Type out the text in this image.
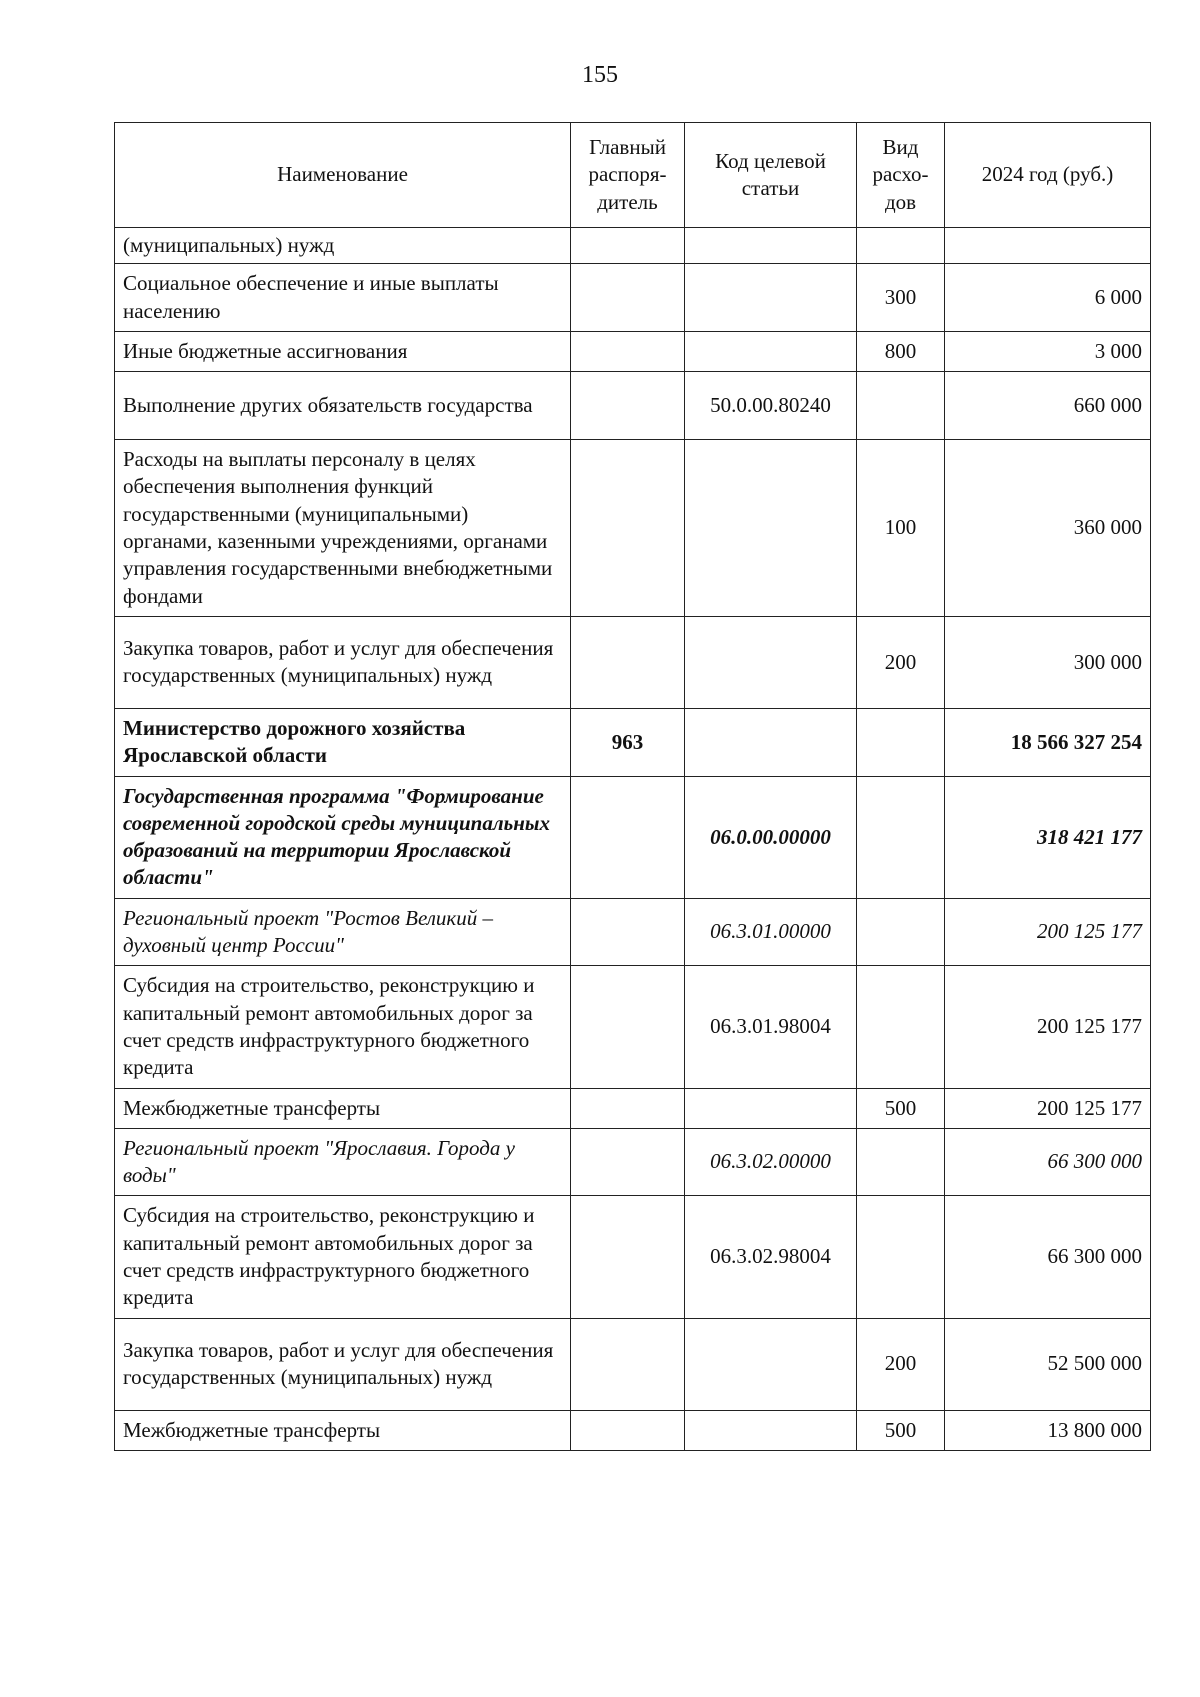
155
Наименование	Главный распоря-дитель	Код целевой статьи	Вид расхо-дов	2024 год (руб.)
(муниципальных) нужд				
Социальное обеспечение и иные выплаты населению			300	6 000
Иные бюджетные ассигнования			800	3 000
Выполнение других обязательств государства		50.0.00.80240		660 000
Расходы на выплаты персоналу в целях обеспечения выполнения функций государственными (муниципальными) органами, казенными учреждениями, органами управления государственными внебюджетными фондами			100	360 000
Закупка товаров, работ и услуг для обеспечения государственных (муниципальных) нужд			200	300 000
Министерство дорожного хозяйства Ярославской области	963			18 566 327 254
Государственная программа "Формирование современной городской среды муниципальных образований на территории Ярославской области"		06.0.00.00000		318 421 177
Региональный проект "Ростов Великий – духовный центр России"		06.3.01.00000		200 125 177
Субсидия на строительство, реконструкцию и капитальный ремонт автомобильных дорог за счет средств инфраструктурного бюджетного кредита		06.3.01.98004		200 125 177
Межбюджетные трансферты			500	200 125 177
Региональный проект "Ярославия. Города у воды"		06.3.02.00000		66 300 000
Субсидия на строительство, реконструкцию и капитальный ремонт автомобильных дорог за счет средств инфраструктурного бюджетного кредита		06.3.02.98004		66 300 000
Закупка товаров, работ и услуг для обеспечения государственных (муниципальных) нужд			200	52 500 000
Межбюджетные трансферты			500	13 800 000
